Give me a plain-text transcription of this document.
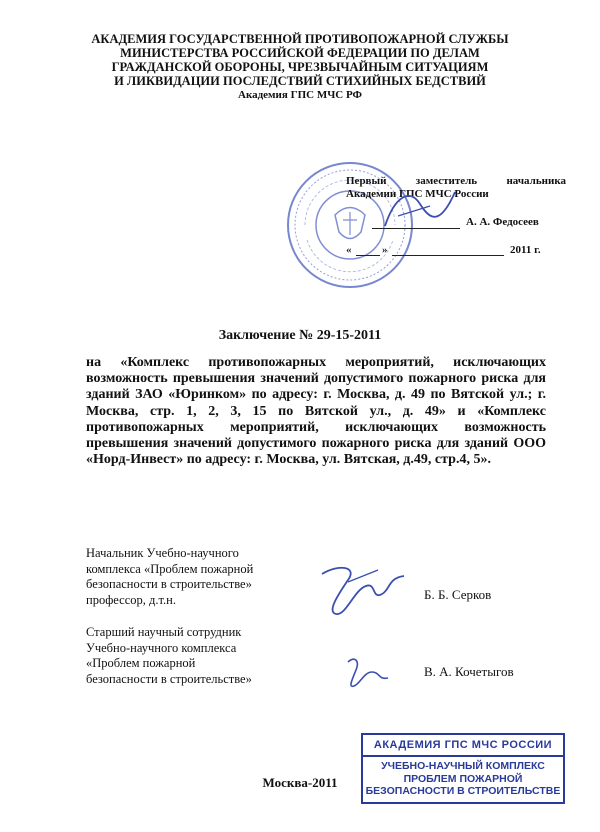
АКАДЕМИЯ ГОСУДАРСТВЕННОЙ ПРОТИВОПОЖАРНОЙ СЛУЖБЫ
МИНИСТЕРСТВА РОССИЙСКОЙ ФЕДЕРАЦИИ ПО ДЕЛАМ
ГРАЖДАНСКОЙ ОБОРОНЫ, ЧРЕЗВЫЧАЙНЫМ СИТУАЦИЯМ
И ЛИКВИДАЦИИ ПОСЛЕДСТВИЙ СТИХИЙНЫХ БЕДСТВИЙ
Академия ГПС МЧС РФ
Первый заместитель начальника
Академии ГПС МЧС России
А. А. Федосеев
«	»	2011 г.
Заключение № 29-15-2011
на «Комплекс противопожарных мероприятий, исключающих возможность превышения значений допустимого пожарного риска для зданий ЗАО «Юринком» по адресу: г. Москва, д. 49 по Вятской ул.; г. Москва, стр. 1, 2, 3, 15 по Вятской ул., д. 49» и «Комплекс противопожарных мероприятий, исключающих возможность превышения значений допустимого пожарного риска для зданий ООО «Норд-Инвест» по адресу: г. Москва, ул. Вятская, д.49, стр.4, 5».
Начальник Учебно-научного
комплекса «Проблем пожарной
безопасности в строительстве»
профессор, д.т.н.	Б. Б. Серков
Старший научный сотрудник
Учебно-научного комплекса
«Проблем пожарной
безопасности в строительстве»	В. А. Кочетыгов
АКАДЕМИЯ ГПС МЧС РОССИИ
УЧЕБНО-НАУЧНЫЙ КОМПЛЕКС
ПРОБЛЕМ ПОЖАРНОЙ
БЕЗОПАСНОСТИ В СТРОИТЕЛЬСТВЕ
Москва-2011
